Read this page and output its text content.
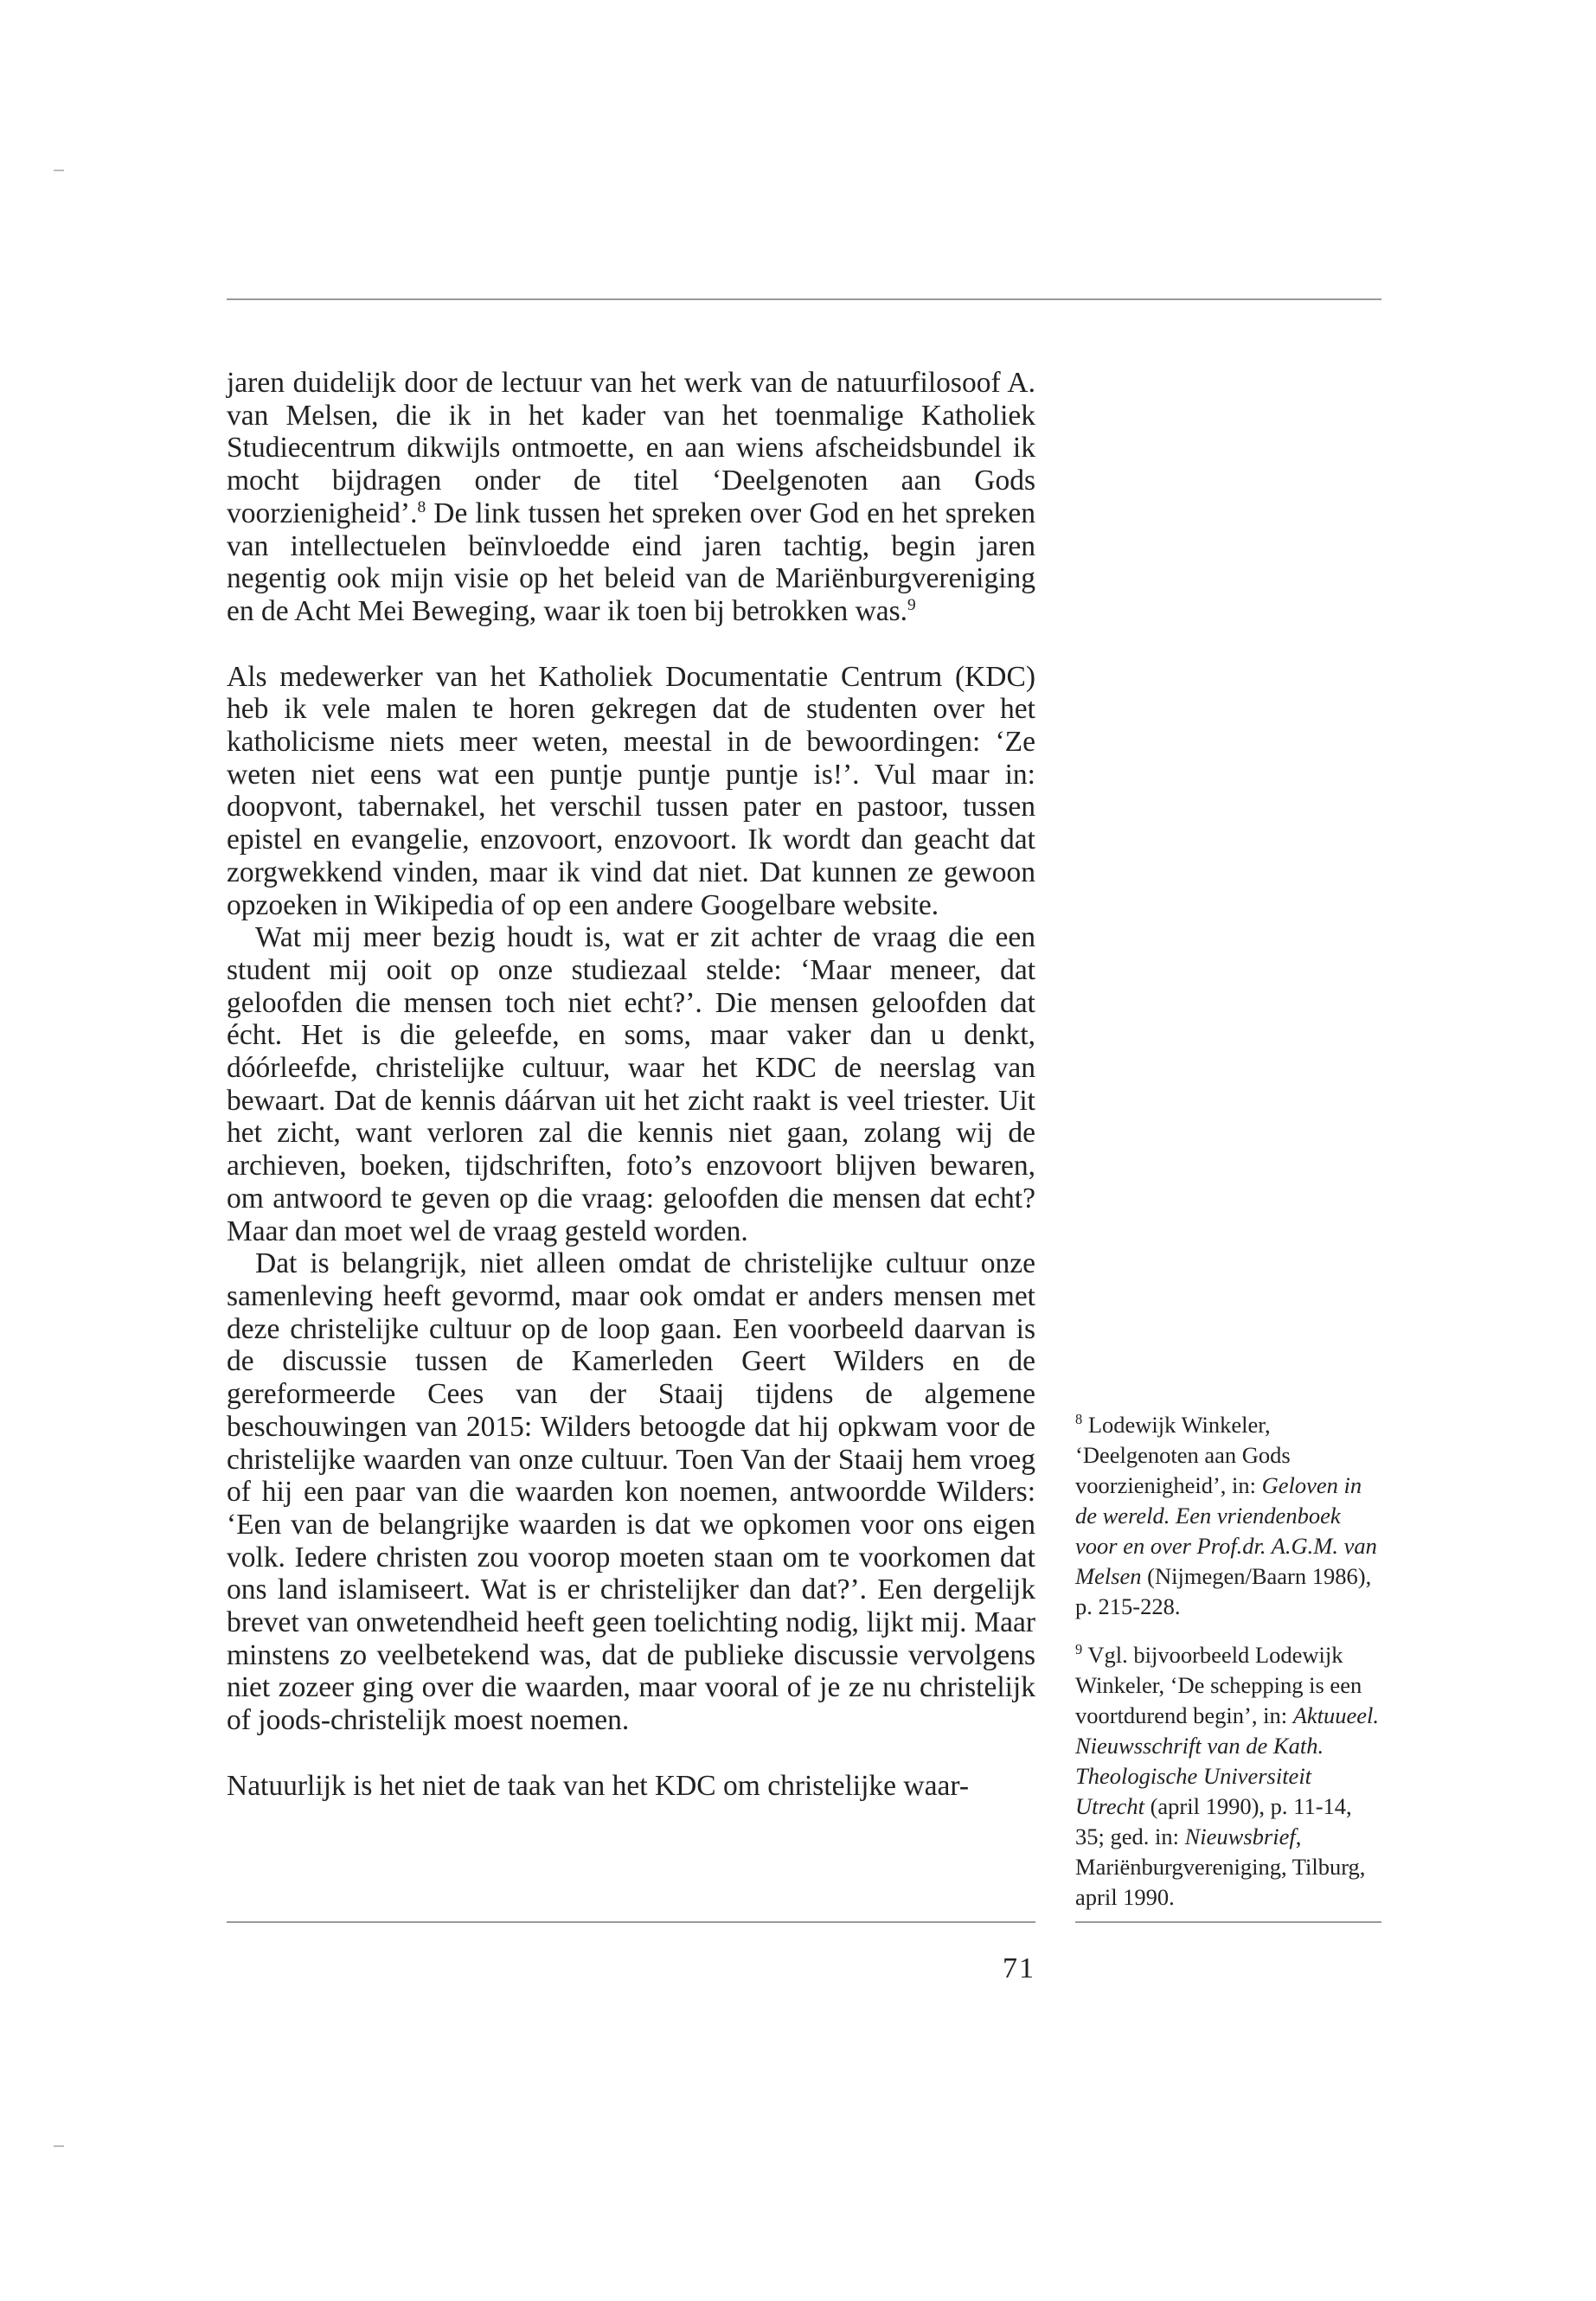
jaren duidelijk door de lectuur van het werk van de natuurfilosoof A. van Melsen, die ik in het kader van het toenmalige Katholiek Studiecentrum dikwijls ontmoette, en aan wiens afscheidsbundel ik mocht bijdragen onder de titel ‘Deelgenoten aan Gods voorzienigheid’.$^8$ De link tussen het spreken over God en het spreken van intellectuelen beïnvloedde eind jaren tachtig, begin jaren negentig ook mijn visie op het beleid van de Mariënburgvereniging en de Acht Mei Beweging, waar ik toen bij betrokken was.$^9$

Als medewerker van het Katholiek Documentatie Centrum (KDC) heb ik vele malen te horen gekregen dat de studenten over het katholicisme niets meer weten, meestal in de bewoordingen: ‘Ze weten niet eens wat een puntje puntje puntje is!’. Vul maar in: doopvont, tabernakel, het verschil tussen pater en pastoor, tussen epistel en evangelie, enzovoort, enzovoort. Ik wordt dan geacht dat zorgwekkend vinden, maar ik vind dat niet. Dat kunnen ze gewoon opzoeken in Wikipedia of op een andere Googelbare website.

Wat mij meer bezig houdt is, wat er zit achter de vraag die een student mij ooit op onze studiezaal stelde: ‘Maar meneer, dat geloofden die mensen toch niet echt?’. Die mensen geloofden dat écht. Het is die geleefde, en soms, maar vaker dan u denkt, dóórleefde, christelijke cultuur, waar het KDC de neerslag van bewaart. Dat de kennis dáárvan uit het zicht raakt is veel triester. Uit het zicht, want verloren zal die kennis niet gaan, zolang wij de archieven, boeken, tijdschriften, foto’s enzovoort blijven bewaren, om antwoord te geven op die vraag: geloofden die mensen dat echt? Maar dan moet wel de vraag gesteld worden.

Dat is belangrijk, niet alleen omdat de christelijke cultuur onze samenleving heeft gevormd, maar ook omdat er anders mensen met deze christelijke cultuur op de loop gaan. Een voorbeeld daarvan is de discussie tussen de Kamerleden Geert Wilders en de gereformeerde Cees van der Staaij tijdens de algemene beschouwingen van 2015: Wilders betoogde dat hij opkwam voor de christelijke waarden van onze cultuur. Toen Van der Staaij hem vroeg of hij een paar van die waarden kon noemen, antwoordde Wilders: ‘Een van de belangrijke waarden is dat we opkomen voor ons eigen volk. Iedere christen zou voorop moeten staan om te voorkomen dat ons land islamiseert. Wat is er christelijker dan dat?’. Een dergelijk brevet van onwetendheid heeft geen toelichting nodig, lijkt mij. Maar minstens zo veelbetekend was, dat de publieke discussie vervolgens niet zozeer ging over die waarden, maar vooral of je ze nu christelijk of joods-christelijk moest noemen.

Natuurlijk is het niet de taak van het KDC om christelijke waar-

$^8$ Lodewijk Winkeler, ‘Deelgenoten aan Gods voorzienigheid’, in: Geloven in de wereld. Een vriendenboek voor en over Prof.dr. A.G.M. van Melsen (Nijmegen/Baarn 1986), p. 215-228.

$^9$ Vgl. bijvoorbeeld Lodewijk Winkeler, ‘De schepping is een voortdurend begin’, in: Aktuueel. Nieuwsschrift van de Kath. Theologische Universiteit Utrecht (april 1990), p. 11-14, 35; ged. in: Nieuwsbrief, Mariënburgvereniging, Tilburg, april 1990.

71
